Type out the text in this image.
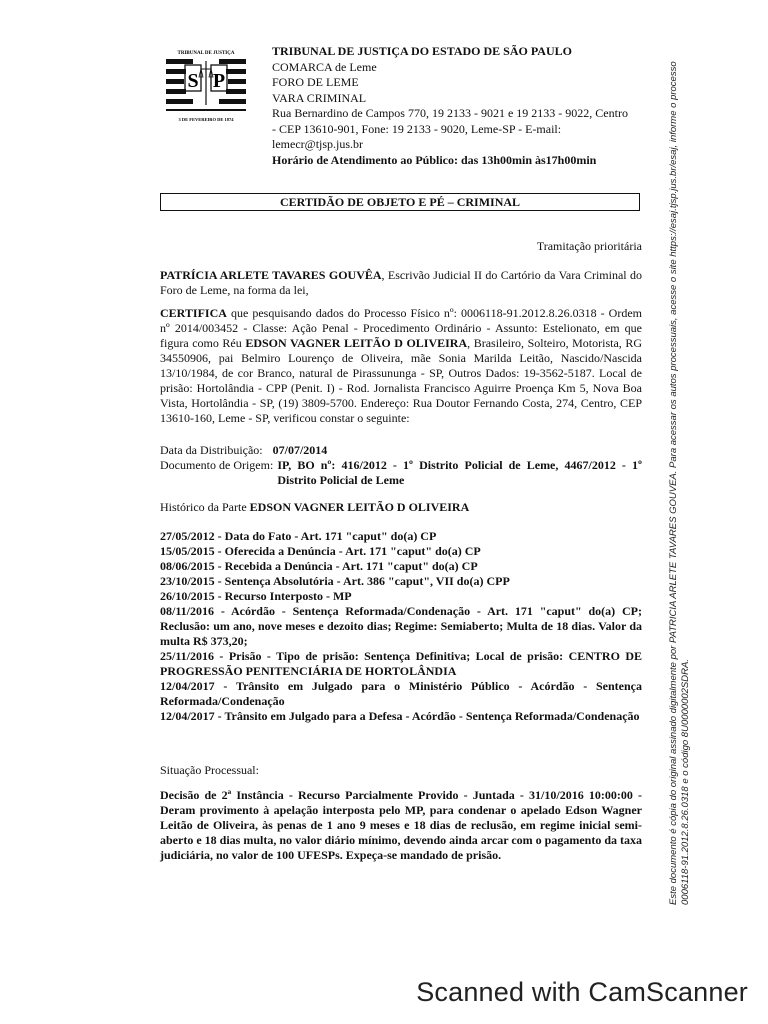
TRIBUNAL DE JUSTIÇA
S P
3 DE FEVEREIRO DE 1874
TRIBUNAL DE JUSTIÇA DO ESTADO DE SÃO PAULO
COMARCA de Leme
FORO DE LEME
VARA CRIMINAL
Rua Bernardino de Campos 770, 19 2133 - 9021 e 19 2133 - 9022, Centro - CEP 13610-901, Fone: 19 2133 - 9020, Leme-SP - E-mail: lemecr@tjsp.jus.br
Horário de Atendimento ao Público: das 13h00min às17h00min
CERTIDÃO DE OBJETO E PÉ – CRIMINAL
Tramitação prioritária
PATRÍCIA ARLETE TAVARES GOUVÊA, Escrivão Judicial II do Cartório da Vara Criminal do Foro de Leme, na forma da lei,
CERTIFICA que pesquisando dados do Processo Físico nº: 0006118-91.2012.8.26.0318 - Ordem nº 2014/003452 - Classe: Ação Penal - Procedimento Ordinário - Assunto: Estelionato, em que figura como Réu EDSON VAGNER LEITÃO D OLIVEIRA, Brasileiro, Solteiro, Motorista, RG 34550906, pai Belmiro Lourenço de Oliveira, mãe Sonia Marilda Leitão, Nascido/Nascida 13/10/1984, de cor Branco, natural de Pirassununga - SP, Outros Dados: 19-3562-5187. Local de prisão: Hortolândia - CPP (Penit. I) - Rod. Jornalista Francisco Aguirre Proença Km 5, Nova Boa Vista, Hortolândia - SP, (19) 3809-5700. Endereço: Rua Doutor Fernando Costa, 274, Centro, CEP 13610-160, Leme - SP, verificou constar o seguinte:
Data da Distribuição: 07/07/2014
Documento de Origem: IP, BO nº: 416/2012 - 1º Distrito Policial de Leme, 4467/2012 - 1º Distrito Policial de Leme
Histórico da Parte EDSON VAGNER LEITÃO D OLIVEIRA
27/05/2012 - Data do Fato - Art. 171 "caput" do(a) CP
15/05/2015 - Oferecida a Denúncia - Art. 171 "caput" do(a) CP
08/06/2015 - Recebida a Denúncia - Art. 171 "caput" do(a) CP
23/10/2015 - Sentença Absolutória - Art. 386 "caput", VII do(a) CPP
26/10/2015 - Recurso Interposto - MP
08/11/2016 - Acórdão - Sentença Reformada/Condenação - Art. 171 "caput" do(a) CP; Reclusão: um ano, nove meses e dezoito dias; Regime: Semiaberto; Multa de 18 dias. Valor da multa R$ 373,20;
25/11/2016 - Prisão - Tipo de prisão: Sentença Definitiva; Local de prisão: CENTRO DE PROGRESSÃO PENITENCIÁRIA DE HORTOLÂNDIA
12/04/2017 - Trânsito em Julgado para o Ministério Público - Acórdão - Sentença Reformada/Condenação
12/04/2017 - Trânsito em Julgado para a Defesa - Acórdão - Sentença Reformada/Condenação
Situação Processual:
Decisão de 2ª Instância - Recurso Parcialmente Provido - Juntada - 31/10/2016 10:00:00 - Deram provimento à apelação interposta pelo MP, para condenar o apelado Edson Wagner Leitão de Oliveira, às penas de 1 ano 9 meses e 18 dias de reclusão, em regime inicial semi-aberto e 18 dias multa, no valor diário mínimo, devendo ainda arcar com o pagamento da taxa judiciária, no valor de 100 UFESPs. Expeça-se mandado de prisão.	Este documento é cópia do original assinado digitalmente por PATRICIA ARLETE TAVARES GOUVEA. Para acessar os autos processuais, acesse o site https://esaj.tjsp.jus.br/esaj, informe o processo 0006118-91.2012.8.26.0318 e o código 8U0000002SDRA.
Scanned with CamScanner
